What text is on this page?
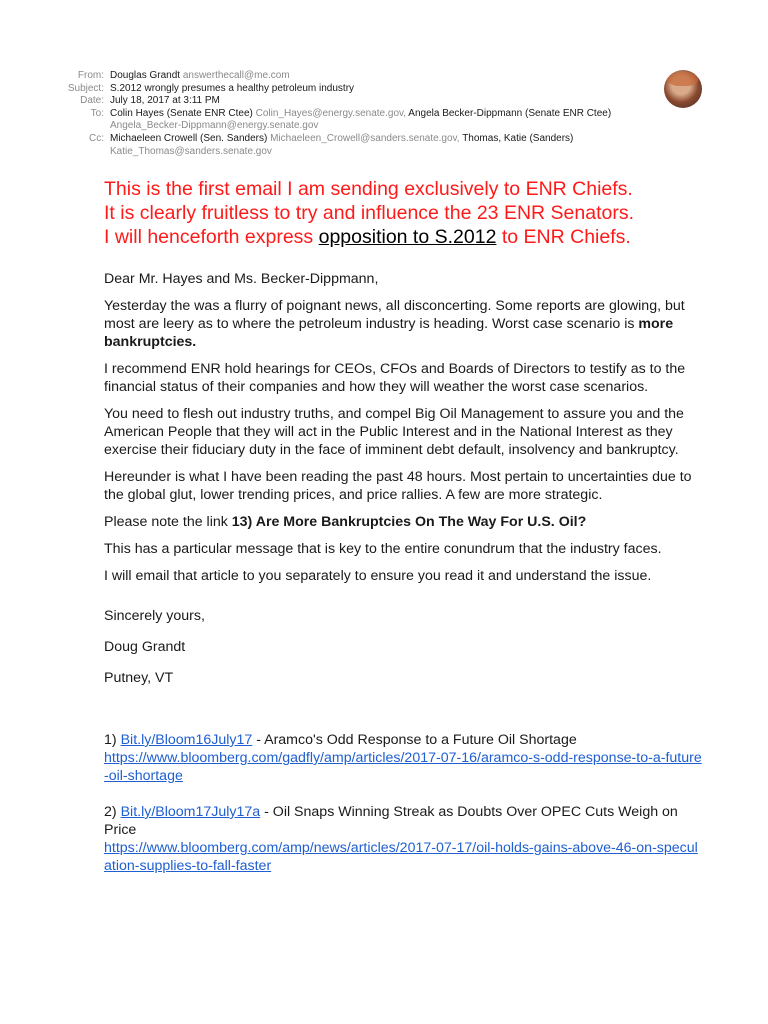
From: Douglas Grandt answerthecall@me.com
Subject: S.2012 wrongly presumes a healthy petroleum industry
Date: July 18, 2017 at 3:11 PM
To: Colin Hayes (Senate ENR Ctee) Colin_Hayes@energy.senate.gov, Angela Becker-Dippmann (Senate ENR Ctee)
Angela_Becker-Dippmann@energy.senate.gov
Cc: Michaeleen Crowell (Sen. Sanders) Michaeleen_Crowell@sanders.senate.gov, Thomas, Katie (Sanders)
Katie_Thomas@sanders.senate.gov
This is the first email I am sending exclusively to ENR Chiefs.
It is clearly fruitless to try and influence the 23 ENR Senators.
I will henceforth express opposition to S.2012 to ENR Chiefs.

Dear Mr. Hayes and Ms. Becker-Dippmann,

Yesterday the was a flurry of poignant news, all disconcerting. Some reports are glowing, but most are leery as to where the petroleum industry is heading. Worst case scenario is more bankruptcies.

I recommend ENR hold hearings for CEOs, CFOs and Boards of Directors to testify as to the financial status of their companies and how they will weather the worst case scenarios.

You need to flesh out industry truths, and compel Big Oil Management to assure you and the American People that they will act in the Public Interest and in the National Interest as they exercise their fiduciary duty in the face of imminent debt default, insolvency and bankruptcy.

Hereunder is what I have been reading the past 48 hours. Most pertain to uncertainties due to the global glut, lower trending prices, and price rallies. A few are more strategic.

Please note the link 13) Are More Bankruptcies On The Way For U.S. Oil?

This has a particular message that is key to the entire conundrum that the industry faces.

I will email that article to you separately to ensure you read it and understand the issue.

Sincerely yours,

Doug Grandt

Putney, VT

1) Bit.ly/Bloom16July17 - Aramco's Odd Response to a Future Oil Shortage
https://www.bloomberg.com/gadfly/amp/articles/2017-07-16/aramco-s-odd-response-to-a-future-oil-shortage

2) Bit.ly/Bloom17July17a - Oil Snaps Winning Streak as Doubts Over OPEC Cuts Weigh on Price
https://www.bloomberg.com/amp/news/articles/2017-07-17/oil-holds-gains-above-46-on-speculation-supplies-to-fall-faster
